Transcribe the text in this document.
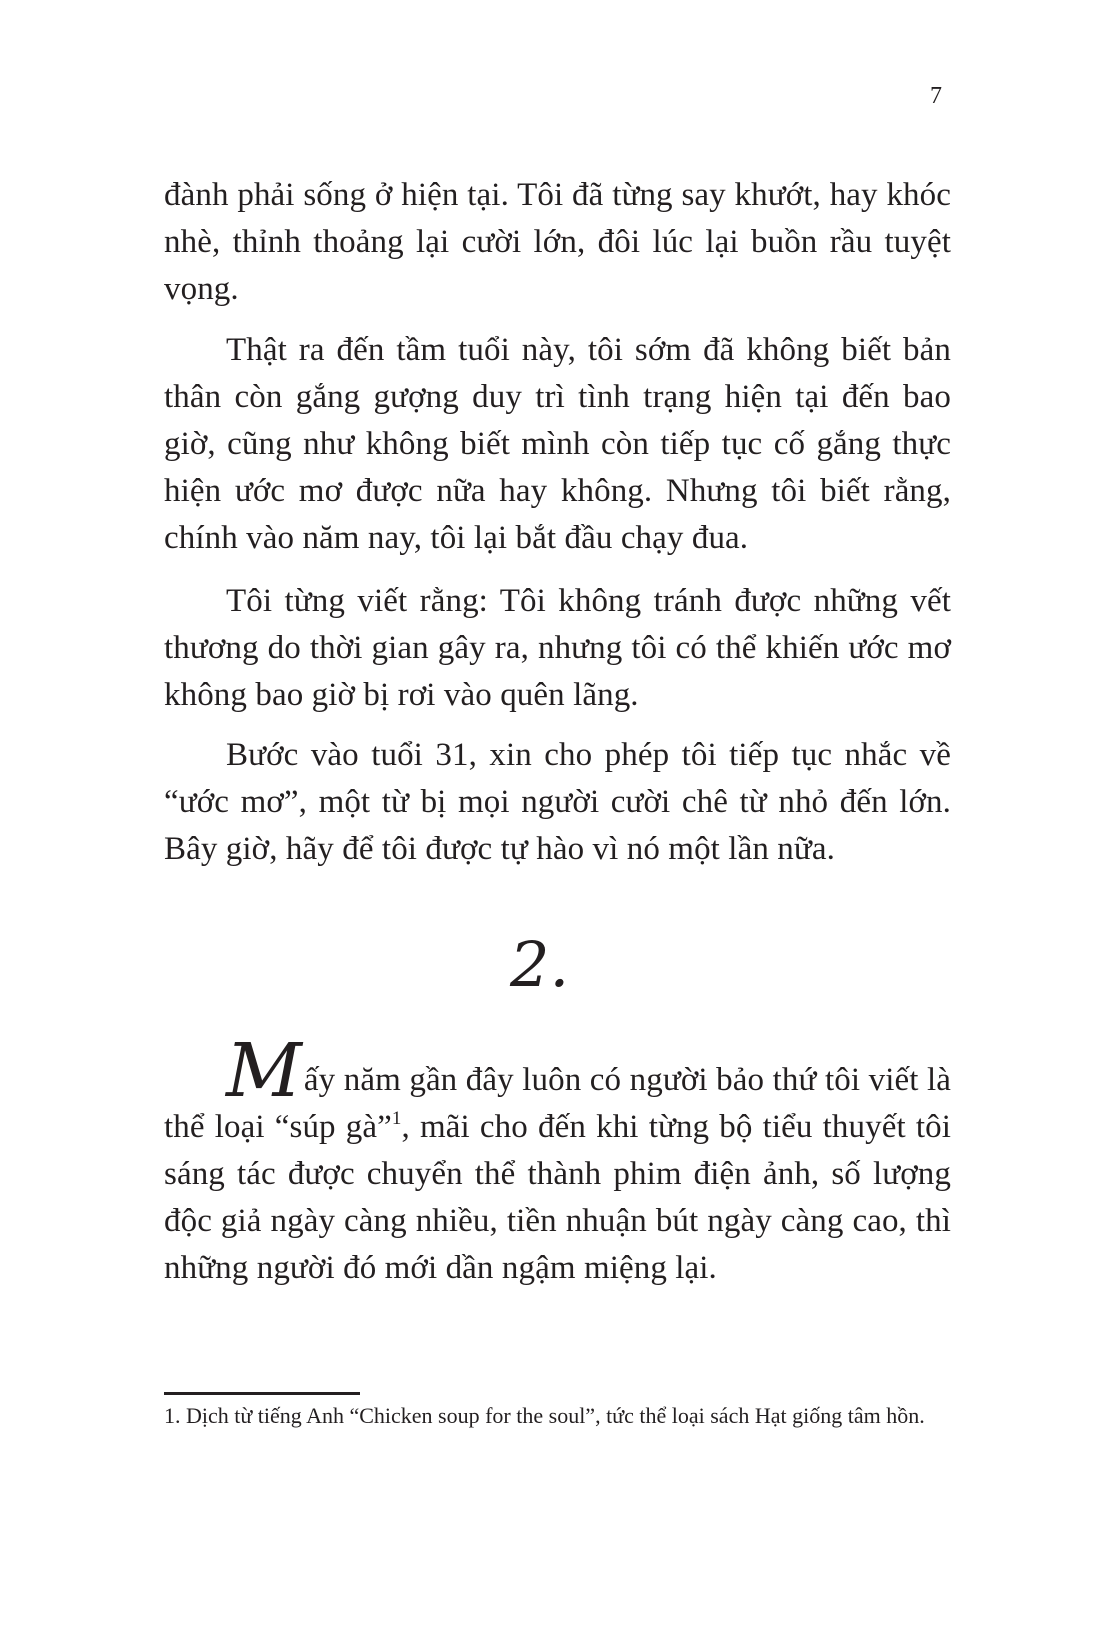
7

đành phải sống ở hiện tại. Tôi đã từng say khướt, hay khóc nhè, thỉnh thoảng lại cười lớn, đôi lúc lại buồn rầu tuyệt vọng.

Thật ra đến tầm tuổi này, tôi sớm đã không biết bản thân còn gắng gượng duy trì tình trạng hiện tại đến bao giờ, cũng như không biết mình còn tiếp tục cố gắng thực hiện ước mơ được nữa hay không. Nhưng tôi biết rằng, chính vào năm nay, tôi lại bắt đầu chạy đua.

Tôi từng viết rằng: Tôi không tránh được những vết thương do thời gian gây ra, nhưng tôi có thể khiến ước mơ không bao giờ bị rơi vào quên lãng.

Bước vào tuổi 31, xin cho phép tôi tiếp tục nhắc về “ước mơ”, một từ bị mọi người cười chê từ nhỏ đến lớn. Bây giờ, hãy để tôi được tự hào vì nó một lần nữa.

2.

Mấy năm gần đây luôn có người bảo thứ tôi viết là thể loại “súp gà”$^1$, mãi cho đến khi từng bộ tiểu thuyết tôi sáng tác được chuyển thể thành phim điện ảnh, số lượng độc giả ngày càng nhiều, tiền nhuận bút ngày càng cao, thì những người đó mới dần ngậm miệng lại.

1. Dịch từ tiếng Anh “Chicken soup for the soul”, tức thể loại sách Hạt giống tâm hồn.
